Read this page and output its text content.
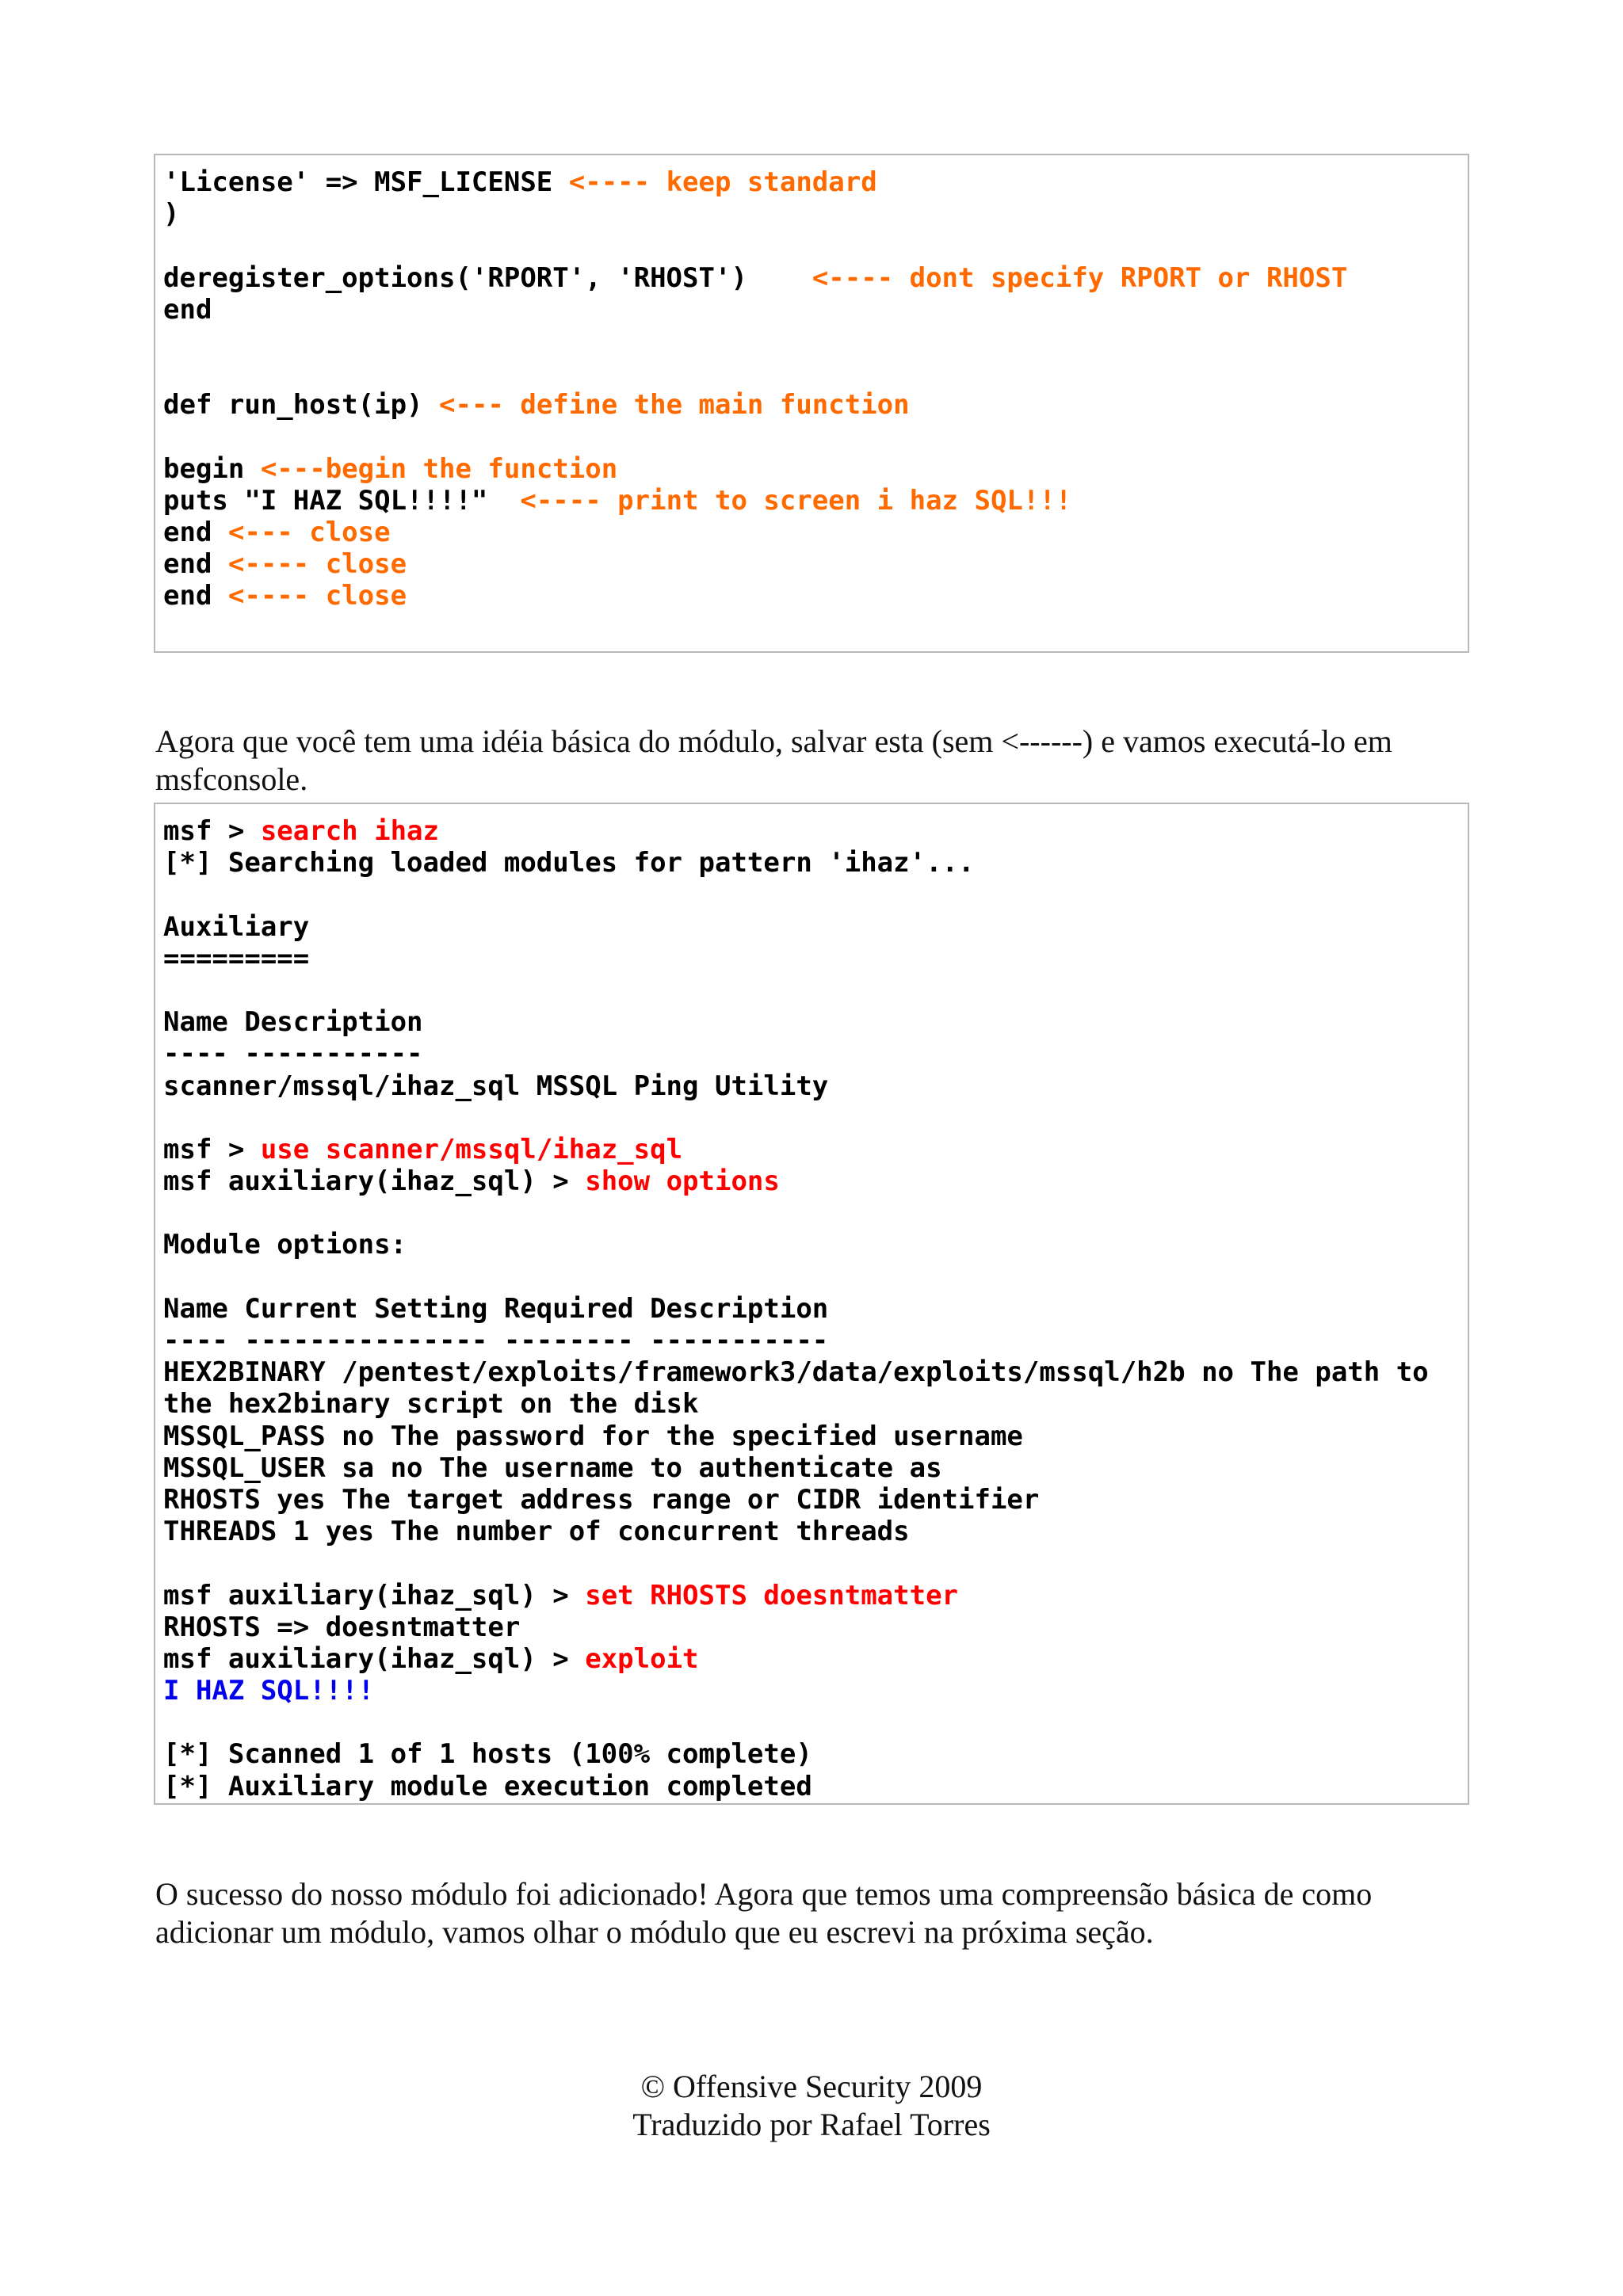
'License' => MSF_LICENSE <---- keep standard
)
deregister_options('RPORT', 'RHOST')    <---- dont specify RPORT or RHOST
end
def run_host(ip) <--- define the main function
begin <---begin the function
puts "I HAZ SQL!!!!"  <---- print to screen i haz SQL!!!
end <--- close
end <---- close
end <---- close

Agora que você tem uma idéia básica do módulo, salvar esta (sem <------) e vamos executá-lo em msfconsole.

msf > search ihaz
[*] Searching loaded modules for pattern 'ihaz'...
Auxiliary
=========
Name Description
---- -----------
scanner/mssql/ihaz_sql MSSQL Ping Utility
msf > use scanner/mssql/ihaz_sql
msf auxiliary(ihaz_sql) > show options
Module options:
Name Current Setting Required Description
---- --------------- -------- -----------
HEX2BINARY /pentest/exploits/framework3/data/exploits/mssql/h2b no The path to
the hex2binary script on the disk
MSSQL_PASS no The password for the specified username
MSSQL_USER sa no The username to authenticate as
RHOSTS yes The target address range or CIDR identifier
THREADS 1 yes The number of concurrent threads
msf auxiliary(ihaz_sql) > set RHOSTS doesntmatter
RHOSTS => doesntmatter
msf auxiliary(ihaz_sql) > exploit
I HAZ SQL!!!!
[*] Scanned 1 of 1 hosts (100% complete)
[*] Auxiliary module execution completed

O sucesso do nosso módulo foi adicionado! Agora que temos uma compreensão básica de como adicionar um módulo, vamos olhar o módulo que eu escrevi na próxima seção.

© Offensive Security 2009
Traduzido por Rafael Torres
